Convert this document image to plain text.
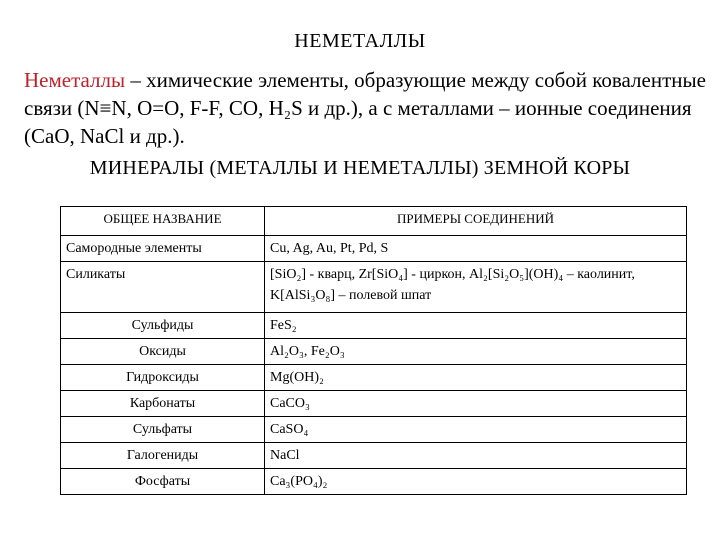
НЕМЕТАЛЛЫ
Неметаллы – химические элементы, образующие между собой ковалентные связи (N≡N, O=O, F-F, CO, H₂S и др.), а с металлами – ионные соединения (CaO, NaCl и др.).
МИНЕРАЛЫ (МЕТАЛЛЫ И НЕМЕТАЛЛЫ) ЗЕМНОЙ КОРЫ
ОБЩЕЕ НАЗВАНИЕ	ПРИМЕРЫ СОЕДИНЕНИЙ
Самородные элементы	Cu, Ag, Au, Pt, Pd, S
Силикаты	[SiO₂] - кварц, Zr[SiO₄] - циркон, Al₂[Si₂O₅](OH)₄ – каолинит, K[AlSi₃O₈] – полевой шпат
Сульфиды	FeS₂
Оксиды	Al₂O₃, Fe₂O₃
Гидроксиды	Mg(OH)₂
Карбонаты	CaCO₃
Сульфаты	CaSO₄
Галогениды	NaCl
Фосфаты	Ca₃(PO₄)₂
